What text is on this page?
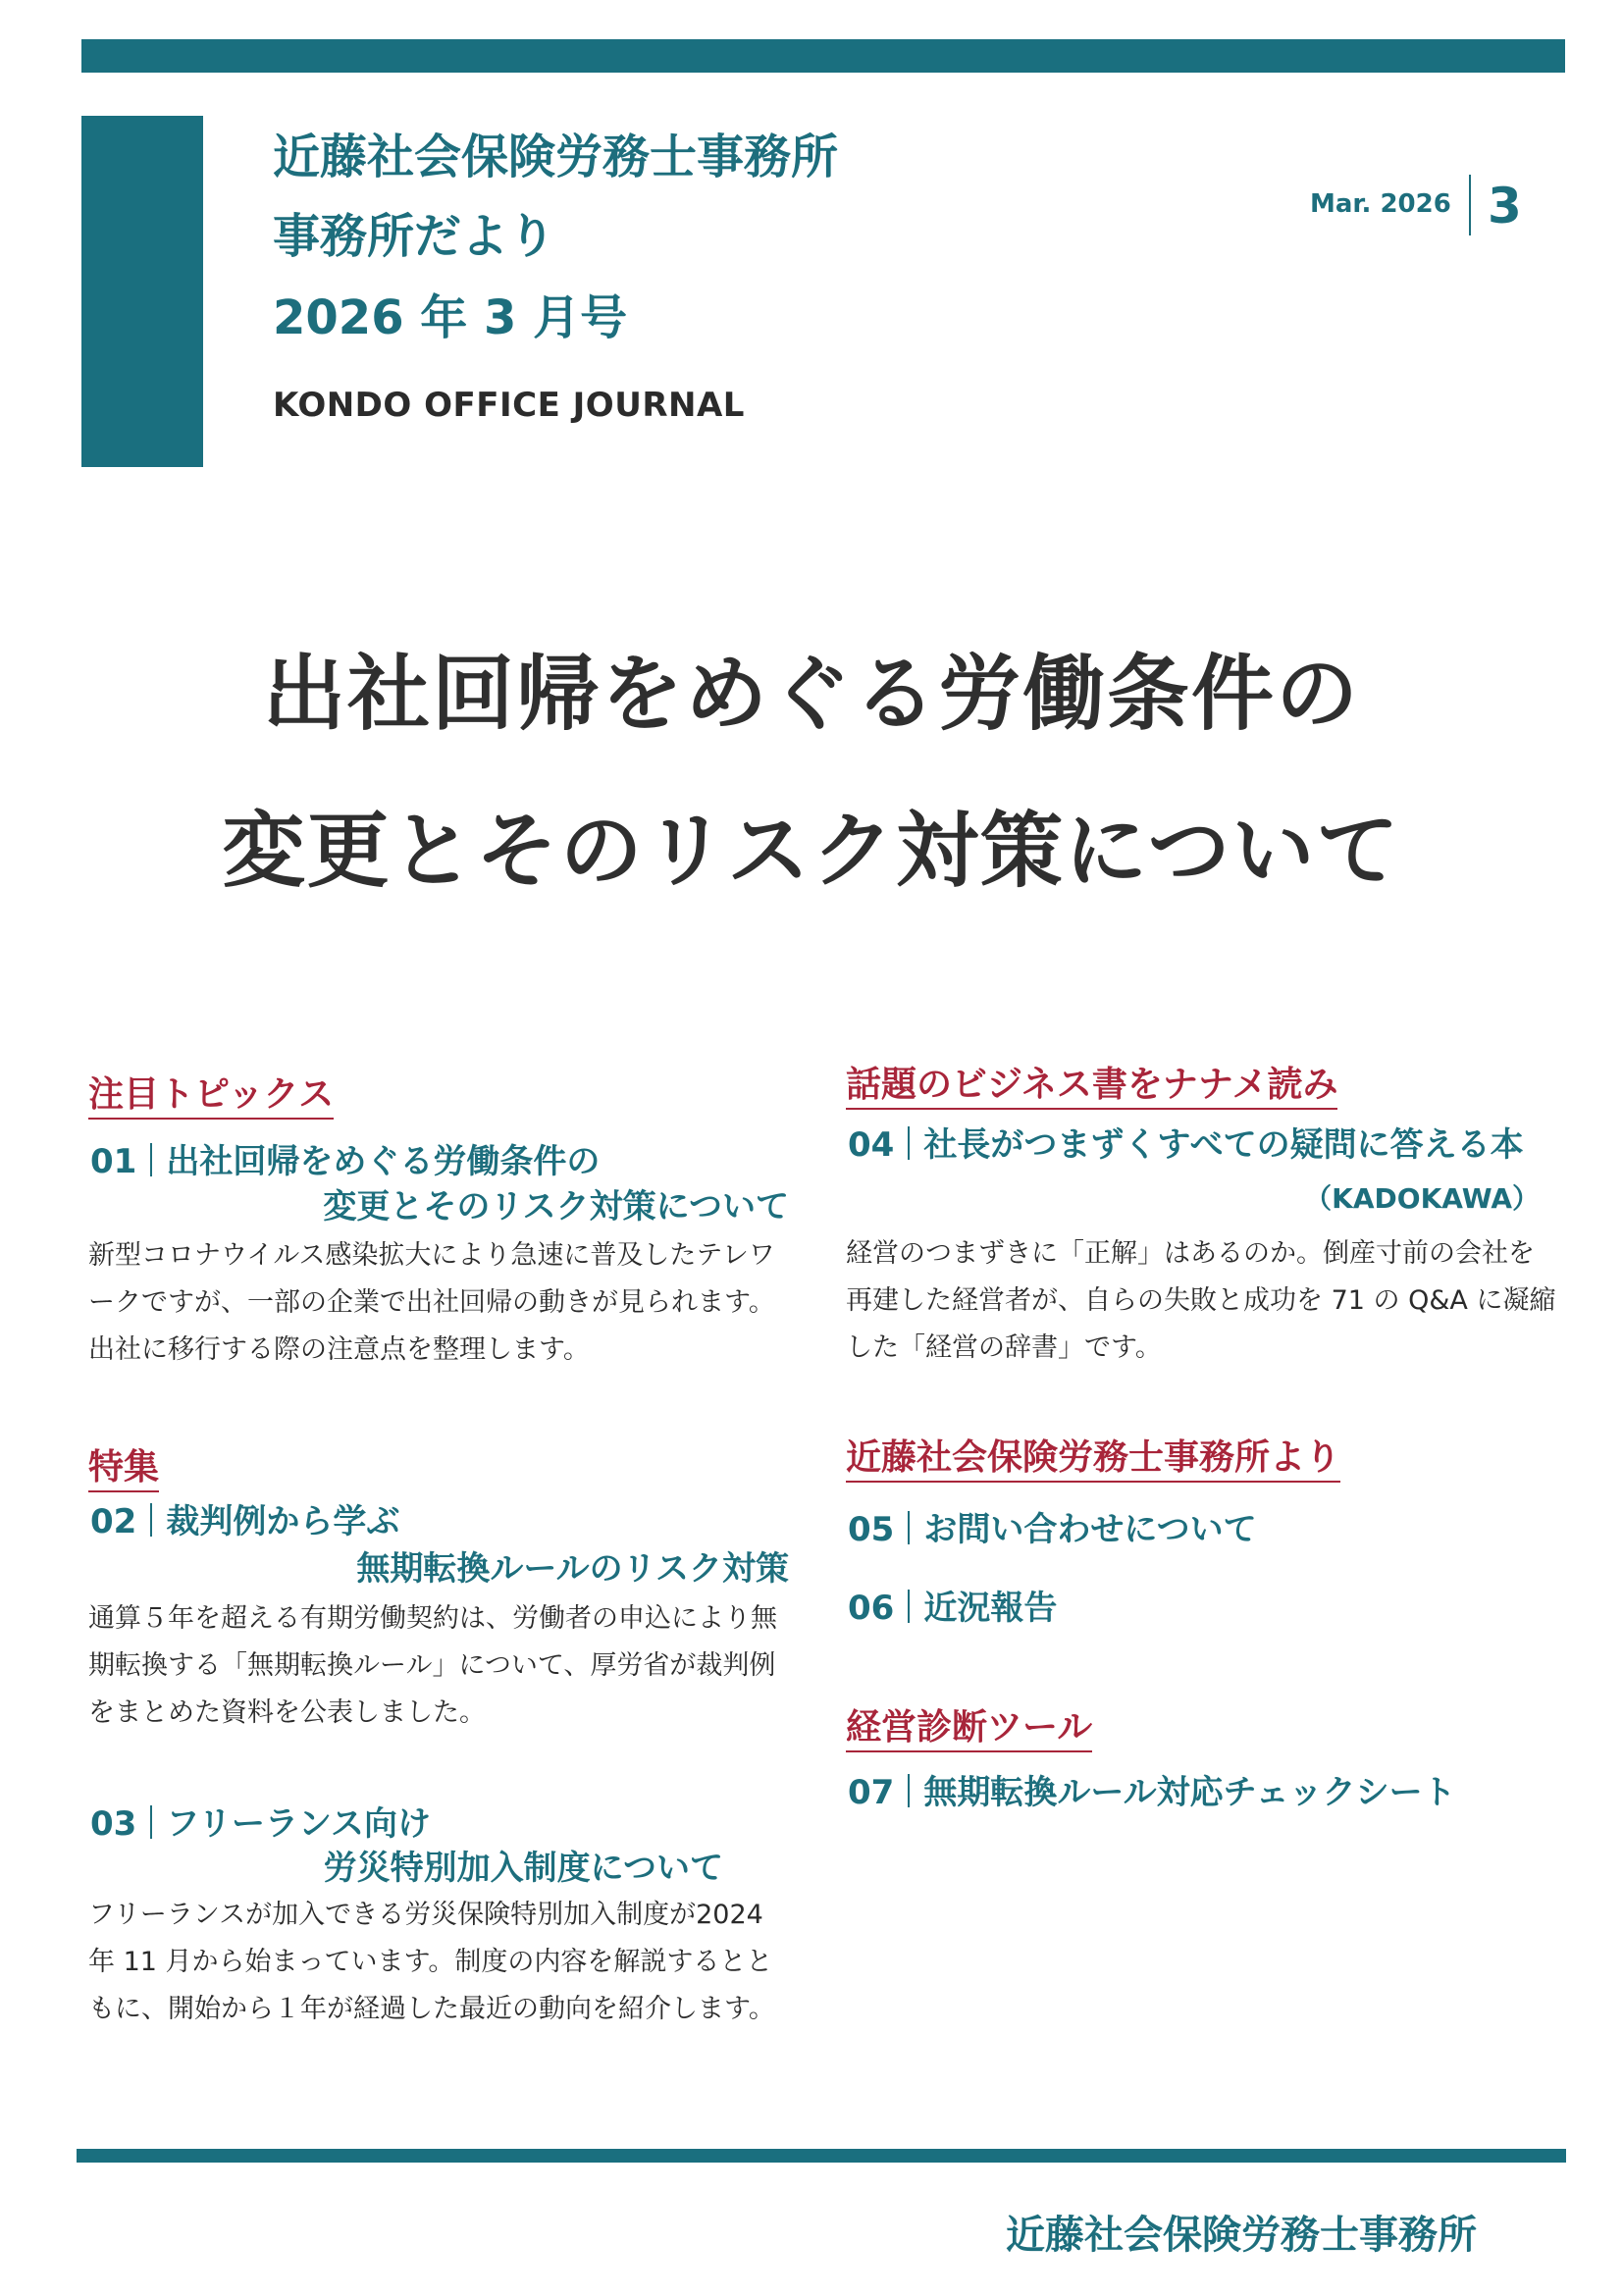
近藤社会保険労務士事務所
事務所だより
2026 年 3 月号
KONDO OFFICE JOURNAL
Mar. 2026 3
出社回帰をめぐる労働条件の
変更とそのリスク対策について
注目トピックス
01 出社回帰をめぐる労働条件の
変更とそのリスク対策について
新型コロナウイルス感染拡大により急速に普及したテレワークですが、一部の企業で出社回帰の動きが見られます。出社に移行する際の注意点を整理します。
特集
02 裁判例から学ぶ
無期転換ルールのリスク対策
通算５年を超える有期労働契約は、労働者の申込により無期転換する「無期転換ルール」について、厚労省が裁判例をまとめた資料を公表しました。
03 フリーランス向け
労災特別加入制度について
フリーランスが加入できる労災保険特別加入制度が2024 年 11 月から始まっています。制度の内容を解説するとともに、開始から１年が経過した最近の動向を紹介します。
話題のビジネス書をナナメ読み
04 社長がつまずくすべての疑問に答える本
（KADOKAWA）
経営のつまずきに「正解」はあるのか。倒産寸前の会社を再建した経営者が、自らの失敗と成功を 71 の Q&A に凝縮した「経営の辞書」です。
近藤社会保険労務士事務所より
05 お問い合わせについて
06 近況報告
経営診断ツール
07 無期転換ルール対応チェックシート
近藤社会保険労務士事務所
